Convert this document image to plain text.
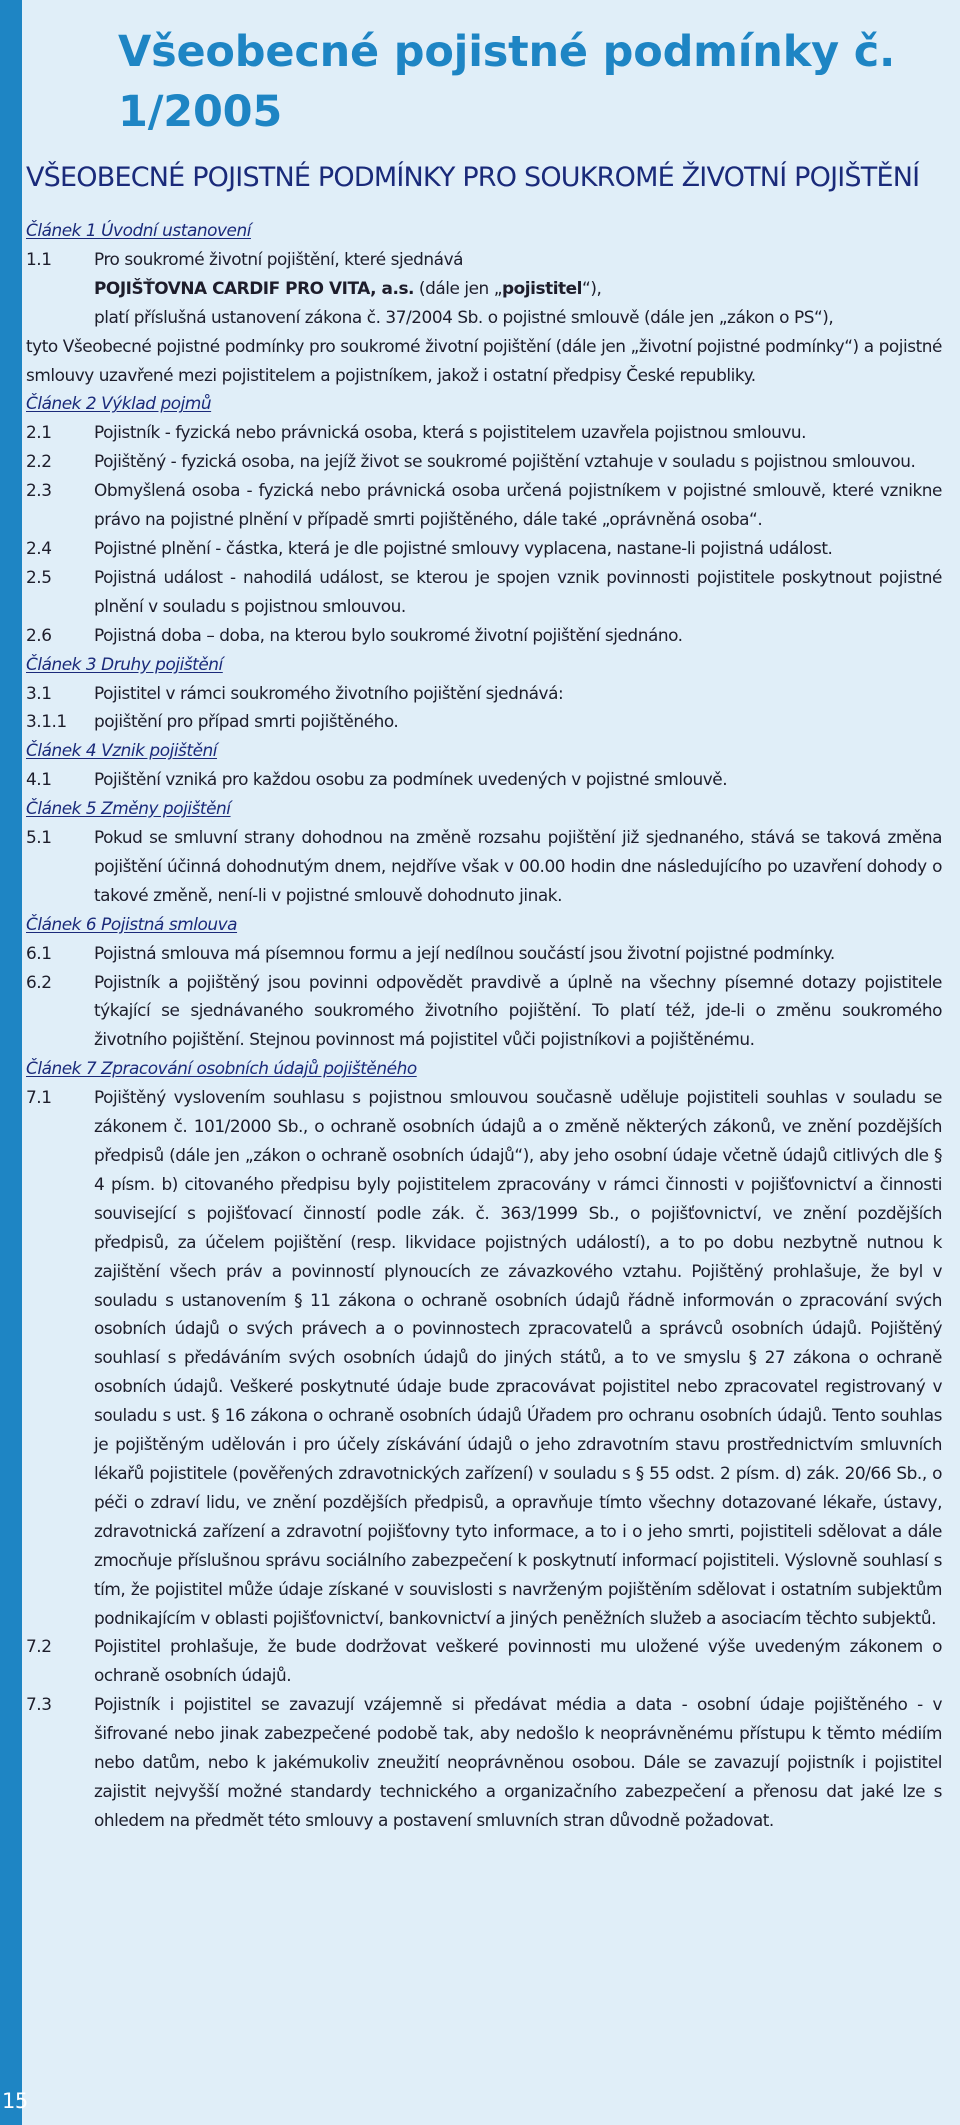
15
Všeobecné pojistné podmínky č. 1/2005
VŠEOBECNÉ POJISTNÉ PODMÍNKY PRO SOUKROMÉ ŽIVOTNÍ POJIŠTĚNÍ
Článek 1 Úvodní ustanovení
1.1	Pro soukromé životní pojištění, které sjednává
POJIŠŤOVNA CARDIF PRO VITA, a.s. (dále jen „pojistitel“),
platí příslušná ustanovení zákona č. 37/2004 Sb. o pojistné smlouvě (dále jen „zákon o PS“),
tyto Všeobecné pojistné podmínky pro soukromé životní pojištění (dále jen „životní pojistné podmínky“) a pojistné smlouvy uzavřené mezi pojistitelem a pojistníkem, jakož i ostatní předpisy České republiky.
Článek 2 Výklad pojmů
2.1	Pojistník - fyzická nebo právnická osoba, která s pojistitelem uzavřela pojistnou smlouvu.
2.2	Pojištěný - fyzická osoba, na jejíž život se soukromé pojištění vztahuje v souladu s pojistnou smlouvou.
2.3	Obmyšlená osoba - fyzická nebo právnická osoba určená pojistníkem v pojistné smlouvě, které vznikne právo na pojistné plnění v případě smrti pojištěného, dále také „oprávněná osoba“.
2.4	Pojistné plnění - částka, která je dle pojistné smlouvy vyplacena, nastane-li pojistná událost.
2.5	Pojistná událost - nahodilá událost, se kterou je spojen vznik povinnosti pojistitele poskytnout pojistné plnění v souladu s pojistnou smlouvou.
2.6	Pojistná doba – doba, na kterou bylo soukromé životní pojištění sjednáno.
Článek 3 Druhy pojištění
3.1	Pojistitel v rámci soukromého životního pojištění sjednává:
3.1.1	pojištění pro případ smrti pojištěného.
Článek 4 Vznik pojištění
4.1	Pojištění vzniká pro každou osobu za podmínek uvedených v pojistné smlouvě.
Článek 5 Změny pojištění
5.1	Pokud se smluvní strany dohodnou na změně rozsahu pojištění již sjednaného, stává se taková změna pojištění účinná dohodnutým dnem, nejdříve však v 00.00 hodin dne následujícího po uzavření dohody o takové změně, není-li v pojistné smlouvě dohodnuto jinak.
Článek 6 Pojistná smlouva
6.1	Pojistná smlouva má písemnou formu a její nedílnou součástí jsou životní pojistné podmínky.
6.2	Pojistník a pojištěný jsou povinni odpovědět pravdivě a úplně na všechny písemné dotazy pojistitele týkající se sjednávaného soukromého životního pojištění. To platí též, jde-li o změnu soukromého životního pojištění. Stejnou povinnost má pojistitel vůči pojistníkovi a pojištěnému.
Článek 7 Zpracování osobních údajů pojištěného
7.1	Pojištěný vyslovením souhlasu s pojistnou smlouvou současně uděluje pojistiteli souhlas v souladu se zákonem č. 101/2000 Sb., o ochraně osobních údajů a o změně některých zákonů, ve znění pozdějších předpisů (dále jen „zákon o ochraně osobních údajů“), aby jeho osobní údaje včetně údajů citlivých dle § 4 písm. b) citovaného předpisu byly pojistitelem zpracovány v rámci činnosti v pojišťovnictví a činnosti související s pojišťovací činností podle zák. č. 363/1999 Sb., o pojišťovnictví, ve znění pozdějších předpisů, za účelem pojištění (resp. likvidace pojistných událostí), a to po dobu nezbytně nutnou k zajištění všech práv a povinností plynoucích ze závazkového vztahu. Pojištěný prohlašuje, že byl v souladu s ustanovením § 11 zákona o ochraně osobních údajů řádně informován o zpracování svých osobních údajů o svých právech a o povinnostech zpracovatelů a správců osobních údajů. Pojištěný souhlasí s předáváním svých osobních údajů do jiných států, a to ve smyslu § 27 zákona o ochraně osobních údajů. Veškeré poskytnuté údaje bude zpracovávat pojistitel nebo zpracovatel registrovaný v souladu s ust. § 16 zákona o ochraně osobních údajů Úřadem pro ochranu osobních údajů. Tento souhlas je pojištěným udělován i pro účely získávání údajů o jeho zdravotním stavu prostřednictvím smluvních lékařů pojistitele (pověřených zdravotnických zařízení) v souladu s § 55 odst. 2 písm. d) zák. 20/66 Sb., o péči o zdraví lidu, ve znění pozdějších předpisů, a opravňuje tímto všechny dotazované lékaře, ústavy, zdravotnická zařízení a zdravotní pojišťovny tyto informace, a to i o jeho smrti, pojistiteli sdělovat a dále zmocňuje příslušnou správu sociálního zabezpečení k poskytnutí informací pojistiteli. Výslovně souhlasí s tím, že pojistitel může údaje získané v souvislosti s navrženým pojištěním sdělovat i ostatním subjektům podnikajícím v oblasti pojišťovnictví, bankovnictví a jiných peněžních služeb a asociacím těchto subjektů.
7.2	Pojistitel prohlašuje, že bude dodržovat veškeré povinnosti mu uložené výše uvedeným zákonem o ochraně osobních údajů.
7.3	Pojistník i pojistitel se zavazují vzájemně si předávat média a data - osobní údaje pojištěného - v šifrované nebo jinak zabezpečené podobě tak, aby nedošlo k neoprávněnému přístupu k těmto médiím nebo datům, nebo k jakémukoliv zneužití neoprávněnou osobou. Dále se zavazují pojistník i pojistitel zajistit nejvyšší možné standardy technického a organizačního zabezpečení a přenosu dat jaké lze s ohledem na předmět této smlouvy a postavení smluvních stran důvodně požadovat.
